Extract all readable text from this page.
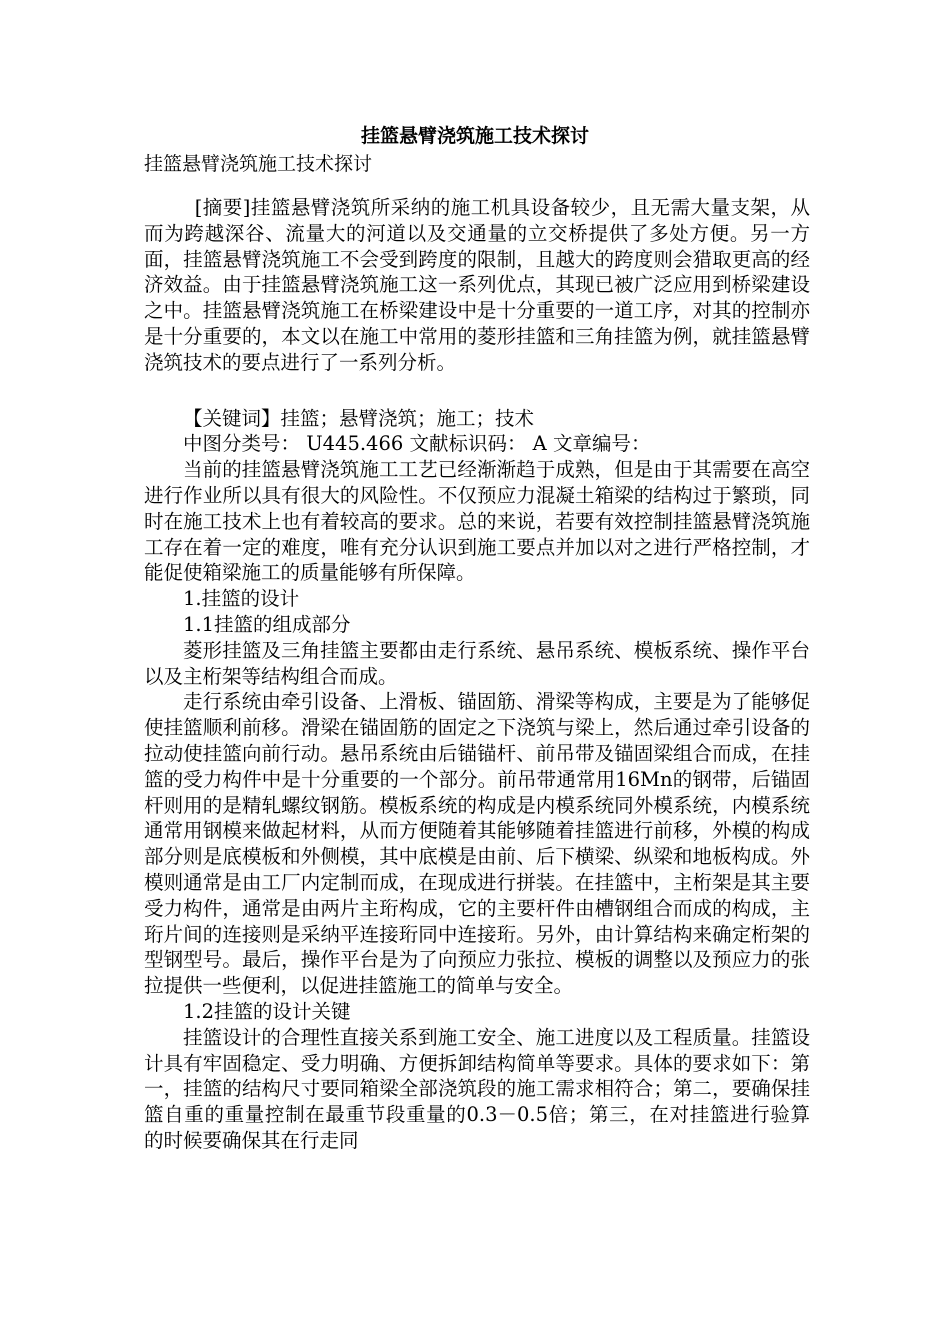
挂篮悬臂浇筑施工技术探讨
挂篮悬臂浇筑施工技术探讨

[摘要]挂篮悬臂浇筑所采纳的施工机具设备较少，且无需大量支架，从而为跨越深谷、流量大的河道以及交通量的立交桥提供了多处方便。另一方面，挂篮悬臂浇筑施工不会受到跨度的限制，且越大的跨度则会猎取更高的经济效益。由于挂篮悬臂浇筑施工这一系列优点，其现已被广泛应用到桥梁建设之中。挂篮悬臂浇筑施工在桥梁建设中是十分重要的一道工序，对其的控制亦是十分重要的，本文以在施工中常用的菱形挂篮和三角挂篮为例，就挂篮悬臂浇筑技术的要点进行了一系列分析。

【关键词】挂篮；悬臂浇筑；施工；技术

中图分类号： U445.466 文献标识码： A 文章编号：

当前的挂篮悬臂浇筑施工工艺已经渐渐趋于成熟，但是由于其需要在高空进行作业所以具有很大的风险性。不仅预应力混凝土箱梁的结构过于繁琐，同时在施工技术上也有着较高的要求。总的来说，若要有效控制挂篮悬臂浇筑施工存在着一定的难度，唯有充分认识到施工要点并加以对之进行严格控制，才能促使箱梁施工的质量能够有所保障。

1.挂篮的设计

1.1挂篮的组成部分

菱形挂篮及三角挂篮主要都由走行系统、悬吊系统、模板系统、操作平台以及主桁架等结构组合而成。

走行系统由牵引设备、上滑板、锚固筋、滑梁等构成，主要是为了能够促使挂篮顺利前移。滑梁在锚固筋的固定之下浇筑与梁上，然后通过牵引设备的拉动使挂篮向前行动。悬吊系统由后锚锚杆、前吊带及锚固梁组合而成，在挂篮的受力构件中是十分重要的一个部分。前吊带通常用16Mn的钢带，后锚固杆则用的是精轧螺纹钢筋。模板系统的构成是内模系统同外模系统，内模系统通常用钢模来做起材料，从而方便随着其能够随着挂篮进行前移，外模的构成部分则是底模板和外侧模，其中底模是由前、后下横梁、纵梁和地板构成。外模则通常是由工厂内定制而成，在现成进行拼装。在挂篮中，主桁架是其主要受力构件，通常是由两片主珩构成，它的主要杆件由槽钢组合而成的构成，主珩片间的连接则是采纳平连接珩同中连接珩。另外，由计算结构来确定桁架的型钢型号。最后，操作平台是为了向预应力张拉、模板的调整以及预应力的张拉提供一些便利，以促进挂篮施工的简单与安全。

1.2挂篮的设计关键

挂篮设计的合理性直接关系到施工安全、施工进度以及工程质量。挂篮设计具有牢固稳定、受力明确、方便拆卸结构简单等要求。具体的要求如下：第一，挂篮的结构尺寸要同箱梁全部浇筑段的施工需求相符合；第二，要确保挂篮自重的重量控制在最重节段重量的0.3－0.5倍；第三，在对挂篮进行验算的时候要确保其在行走同
